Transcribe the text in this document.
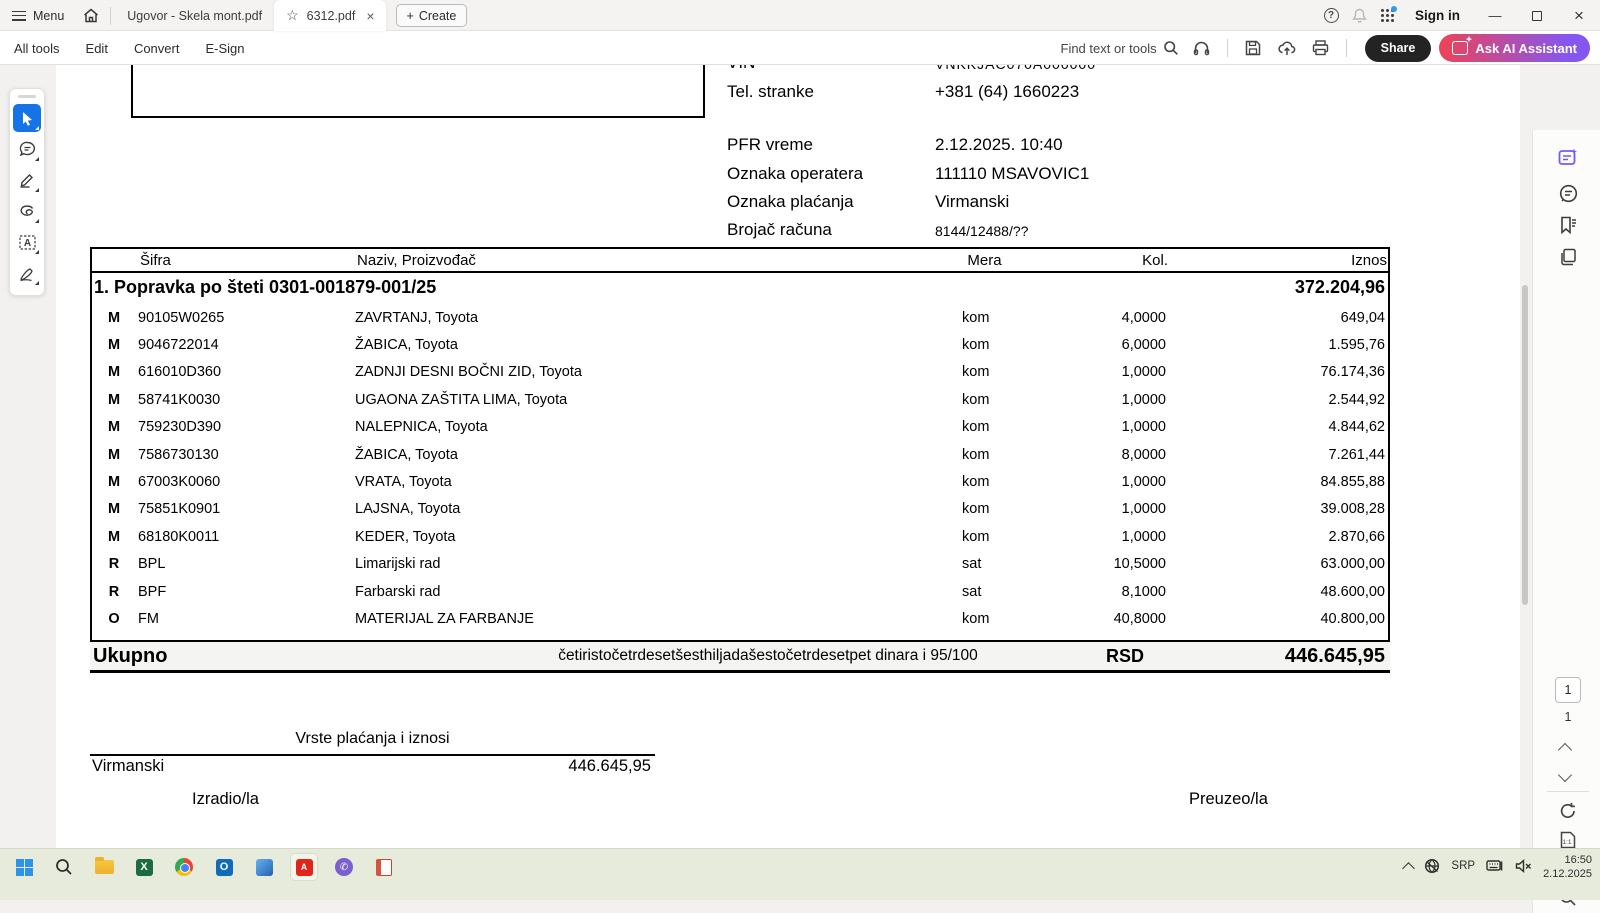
Menu	Ugovor - Skela mont.pdf ☆ 6312.pdf ×	+ Create	?	Sign in	—	×
All tools Edit Convert E-Sign	Find text or tools	Share ✦	Ask AI Assistant
A
Tel. stranke	+381 (64) 1660223
PFR vreme	2.12.2025. 10:40
Oznaka operatera	111110 MSAVOVIC1
Oznaka plaćanja	Virmanski
Brojač računa	8144/12488/??
Šifra	Naziv, Proizvođač	Mera	Kol.	Iznos
1. Popravka po šteti 0301-001879-001/25	372.204,96
M	90105W0265	ZAVRTANJ, Toyota	kom	4,0000	649,04
M	9046722014	ŽABICA, Toyota	kom	6,0000	1.595,76
M	616010D360	ZADNJI DESNI BOČNI ZID, Toyota	kom	1,0000	76.174,36
M	58741K0030	UGAONA ZAŠTITA LIMA, Toyota	kom	1,0000	2.544,92
M	759230D390	NALEPNICA, Toyota	kom	1,0000	4.844,62
M	7586730130	ŽABICA, Toyota	kom	8,0000	7.261,44
M	67003K0060	VRATA, Toyota	kom	1,0000	84.855,88
M	75851K0901	LAJSNA, Toyota	kom	1,0000	39.008,28
M	68180K0011	KEDER, Toyota	kom	1,0000	2.870,66
R	BPL	Limarijski rad	sat	10,5000	63.000,00
R	BPF	Farbarski rad	sat	8,1000	48.600,00
O	FM	MATERIJAL ZA FARBANJE	kom	40,8000	40.800,00
Ukupno	četiristočetrdesetšesthiljadašestočetrdesetpet dinara i 95/100	RSD	446.645,95
Vrste plaćanja i iznosi
Virmanski	446.645,95
Izradio/la	Preuzeo/la
1
1
1:1
X	O	A	✆	SRP
16:50
2.12.2025
